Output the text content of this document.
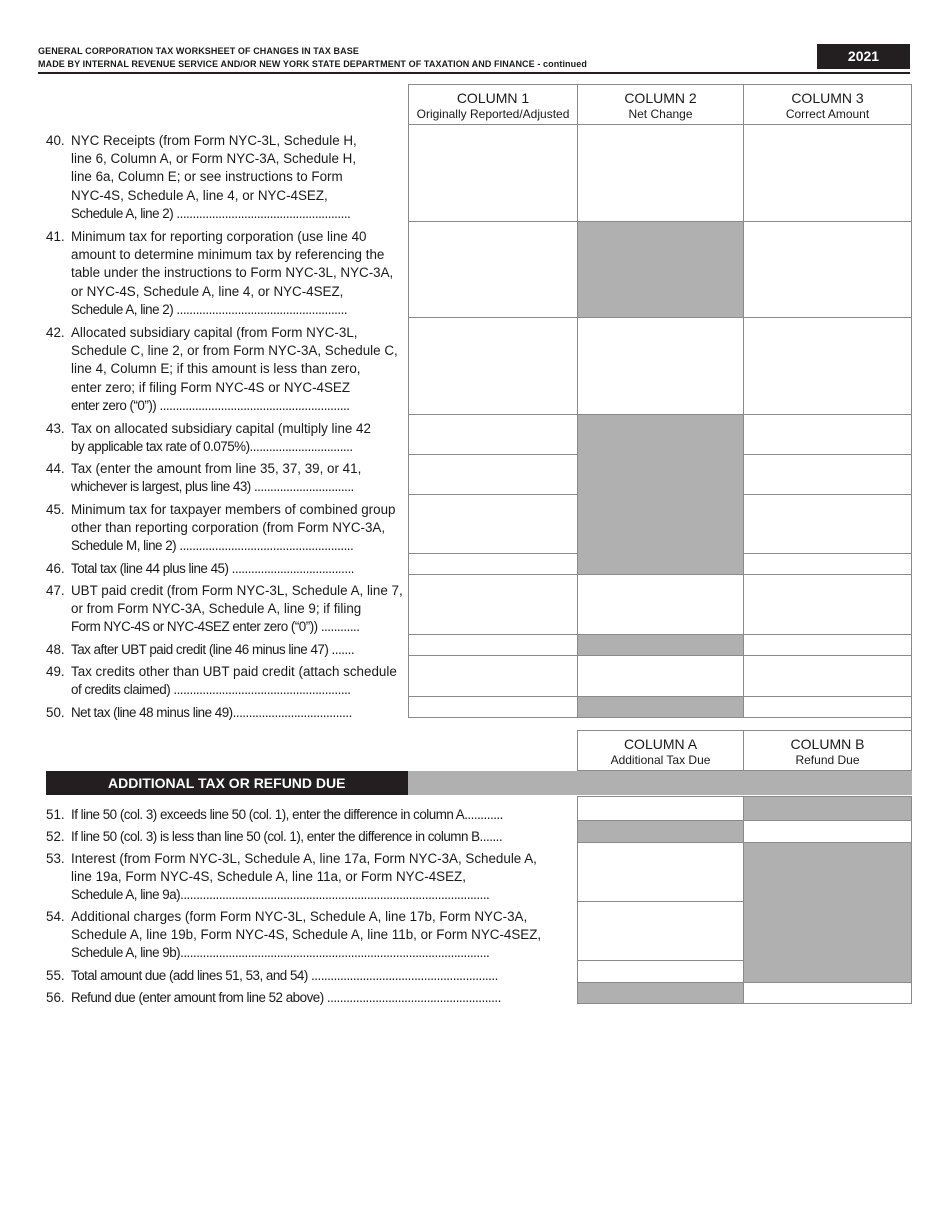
GENERAL CORPORATION TAX WORKSHEET OF CHANGES IN TAX BASE
MADE BY INTERNAL REVENUE SERVICE AND/OR NEW YORK STATE DEPARTMENT OF TAXATION AND FINANCE - continued	2021
COLUMN 1
Originally Reported/Adjusted
COLUMN 2
Net Change
COLUMN 3
Correct Amount
40. NYC Receipts (from Form NYC-3L, Schedule H,
line 6, Column A, or Form NYC-3A, Schedule H,
line 6a, Column E; or see instructions to Form
NYC-4S, Schedule A, line 4, or NYC-4SEZ,
Schedule A, line 2) ......................................................
41. Minimum tax for reporting corporation (use line 40
amount to determine minimum tax by referencing the
table under the instructions to Form NYC-3L, NYC-3A,
or NYC-4S, Schedule A, line 4, or NYC-4SEZ,
Schedule A, line 2) .....................................................
42. Allocated subsidiary capital (from Form NYC-3L,
Schedule C, line 2, or from Form NYC-3A, Schedule C,
line 4, Column E; if this amount is less than zero,
enter zero; if filing Form NYC-4S or NYC-4SEZ
enter zero (“0”)) ...........................................................
43. Tax on allocated subsidiary capital (multiply line 42
by applicable tax rate of 0.075%)................................
44. Tax (enter the amount from line 35, 37, 39, or 41,
whichever is largest, plus line 43) ...............................
45. Minimum tax for taxpayer members of combined group
other than reporting corporation (from Form NYC-3A,
Schedule M, line 2) ......................................................
46. Total tax (line 44 plus line 45) ......................................
47. UBT paid credit (from Form NYC-3L, Schedule A, line 7,
or from Form NYC-3A, Schedule A, line 9; if filing
Form NYC-4S or NYC-4SEZ enter zero (“0”)) ............
48. Tax after UBT paid credit (line 46 minus line 47) .......
49. Tax credits other than UBT paid credit (attach schedule
of credits claimed) .......................................................
50. Net tax (line 48 minus line 49).....................................
COLUMN A
Additional Tax Due
COLUMN B
Refund Due
ADDITIONAL TAX OR REFUND DUE
51. If line 50 (col. 3) exceeds line 50 (col. 1), enter the difference in column A............
52. If line 50 (col. 3) is less than line 50 (col. 1), enter the difference in column B.......
53. Interest (from Form NYC-3L, Schedule A, line 17a, Form NYC-3A, Schedule A,
line 19a, Form NYC-4S, Schedule A, line 11a, or Form NYC-4SEZ,
Schedule A, line 9a)................................................................................................
54. Additional charges (form Form NYC-3L, Schedule A, line 17b, Form NYC-3A,
Schedule A, line 19b, Form NYC-4S, Schedule A, line 11b, or Form NYC-4SEZ,
Schedule A, line 9b)................................................................................................
55. Total amount due (add lines 51, 53, and 54) ..........................................................
56. Refund due (enter amount from line 52 above) ......................................................
